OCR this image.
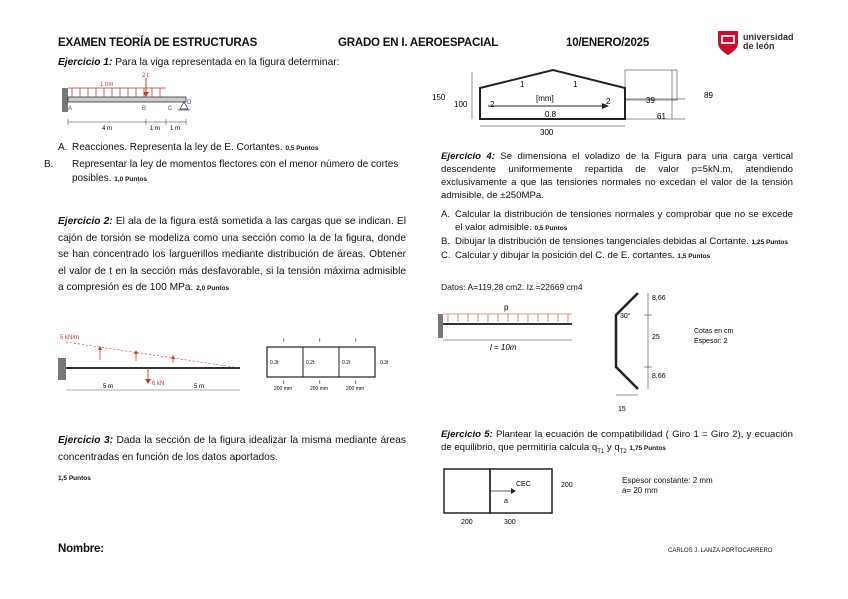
EXAMEN TEORÍA DE ESTRUCTURAS	GRADO EN I. AEROESPACIAL	10/ENERO/2025	universidad
de león
Ejercicio 1: Para la viga representada en la figura determinar:
2 t
1 t/m
A	B	C
D
4 m	1 m 1 m
A. Reacciones. Representa la ley de E. Cortantes. 0,5 Puntos
B. Representar la ley de momentos flectores con el menor número de cortes posibles. 1,0 Puntos
Ejercicio 2: El ala de la figura está sometida a las cargas que se indican. El cajón de torsión se modeliza como una sección como la de la figura, donde se han concentrado los larguerillos mediante distribución de áreas. Obtener el valor de t en la sección más desfavorable, si la tensión máxima admisible a compresión es de 100 MPa. 2,0 Puntos
5 kN/m
6 kN
5 m	5 m
t	t	t
t	t	t
0.3t	0.2t	0.2t	0.3t
200 mm	200 mm	200 mm
Ejercicio 3: Dada la sección de la figura idealizar la misma mediante áreas concentradas en función de los datos aportados.
1,5 Puntos
150
100
1	1
2	2
[mm]
0.8
39
89
61
300
Ejercicio 4: Se dimensiona el voladizo de la Figura para una carga vertical descendente uniformemente repartida de valor p=5kN.m, atendiendo exclusivamente a que las tensiones normales no excedan el valor de la tensión admisible, de ±250MPa.
A. Calcular la distribución de tensiones normales y comprobar que no se excede el valor admisible. 0,5 Puntos
B. Dibujar la distribución de tensiones tangenciales debidas al Cortante. 1,25 Puntos
C. Calcular y dibujar la posición del C. de E. cortantes. 1,5 Puntos
Datos: A=119,28 cm2. Iz =22669 cm4
p
l = 10m
30°
8,66
25
8,66
15
Cotas en cm
Espesor: 2
Ejercicio 5: Plantear la ecuación de compatibilidad ( Giro 1 = Giro 2), y ecuación de equilibrio, que permitiría calcula $q_{T1}$ y $q_{T2}$ 1,75 Puntos
CEC
a
200
200	300
Espesor constante: 2 mm
a= 20 mm
Nombre:	CARLOS J. LANZA PORTOCARRERO
